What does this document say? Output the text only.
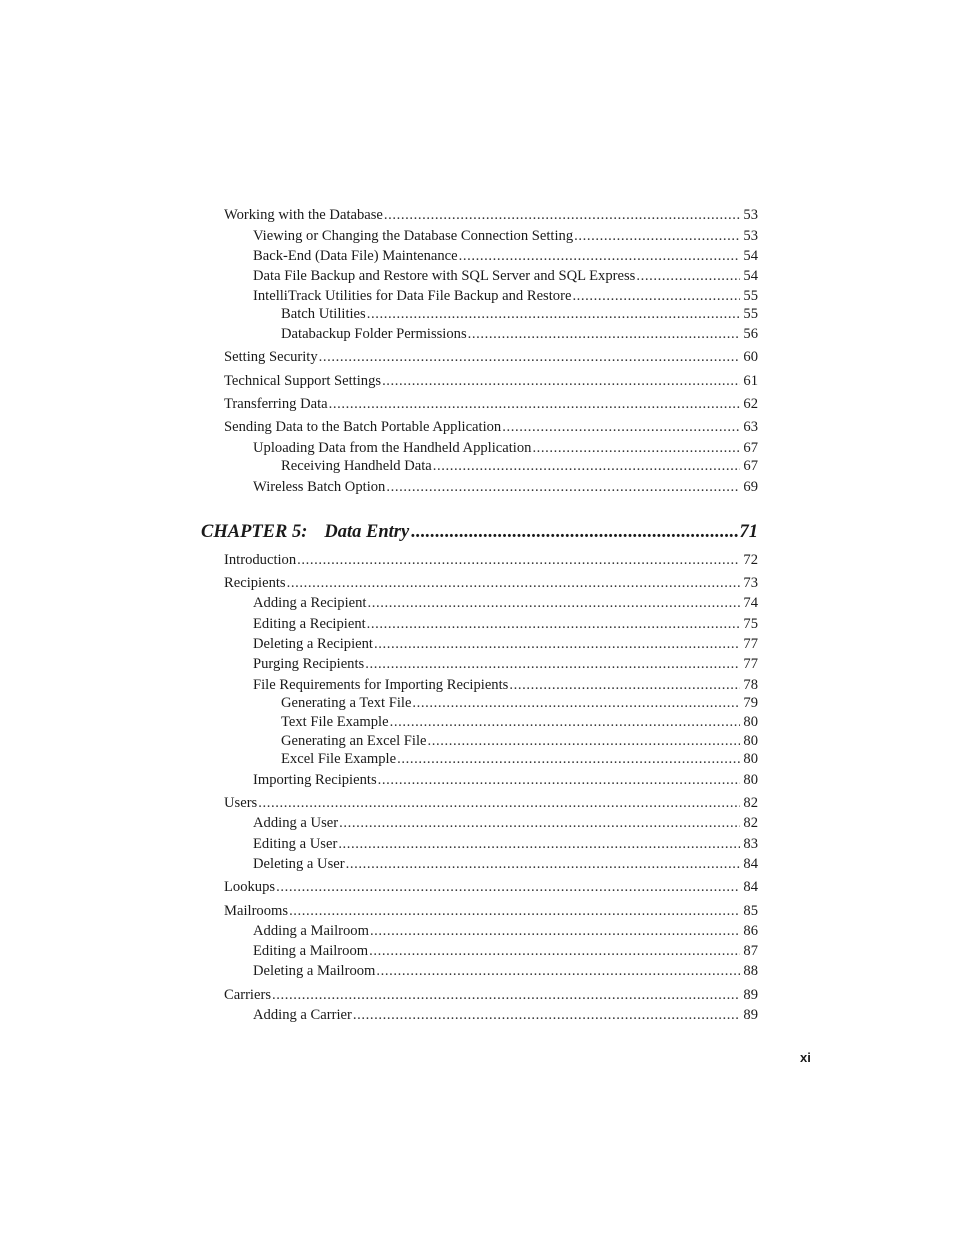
Working with the Database .....	53
Viewing or Changing the Database Connection Setting .....	53
Back-End (Data File) Maintenance .....	54
Data File Backup and Restore with SQL Server and SQL Express .....	54
IntelliTrack Utilities for Data File Backup and Restore .....	55
Batch Utilities .....	55
Databackup Folder Permissions .....	56
Setting Security .....	60
Technical Support Settings .....	61
Transferring Data .....	62
Sending Data to the Batch Portable Application .....	63
Uploading Data from the Handheld Application .....	67
Receiving Handheld Data .....	67
Wireless Batch Option .....	69
CHAPTER 5: Data Entry .....	71
Introduction .....	72
Recipients .....	73
Adding a Recipient .....	74
Editing a Recipient .....	75
Deleting a Recipient .....	77
Purging Recipients .....	77
File Requirements for Importing Recipients .....	78
Generating a Text File .....	79
Text File Example .....	80
Generating an Excel File .....	80
Excel File Example .....	80
Importing Recipients .....	80
Users .....	82
Adding a User .....	82
Editing a User .....	83
Deleting a User .....	84
Lookups .....	84
Mailrooms .....	85
Adding a Mailroom .....	86
Editing a Mailroom .....	87
Deleting a Mailroom .....	88
Carriers .....	89
Adding a Carrier .....	89
xi
